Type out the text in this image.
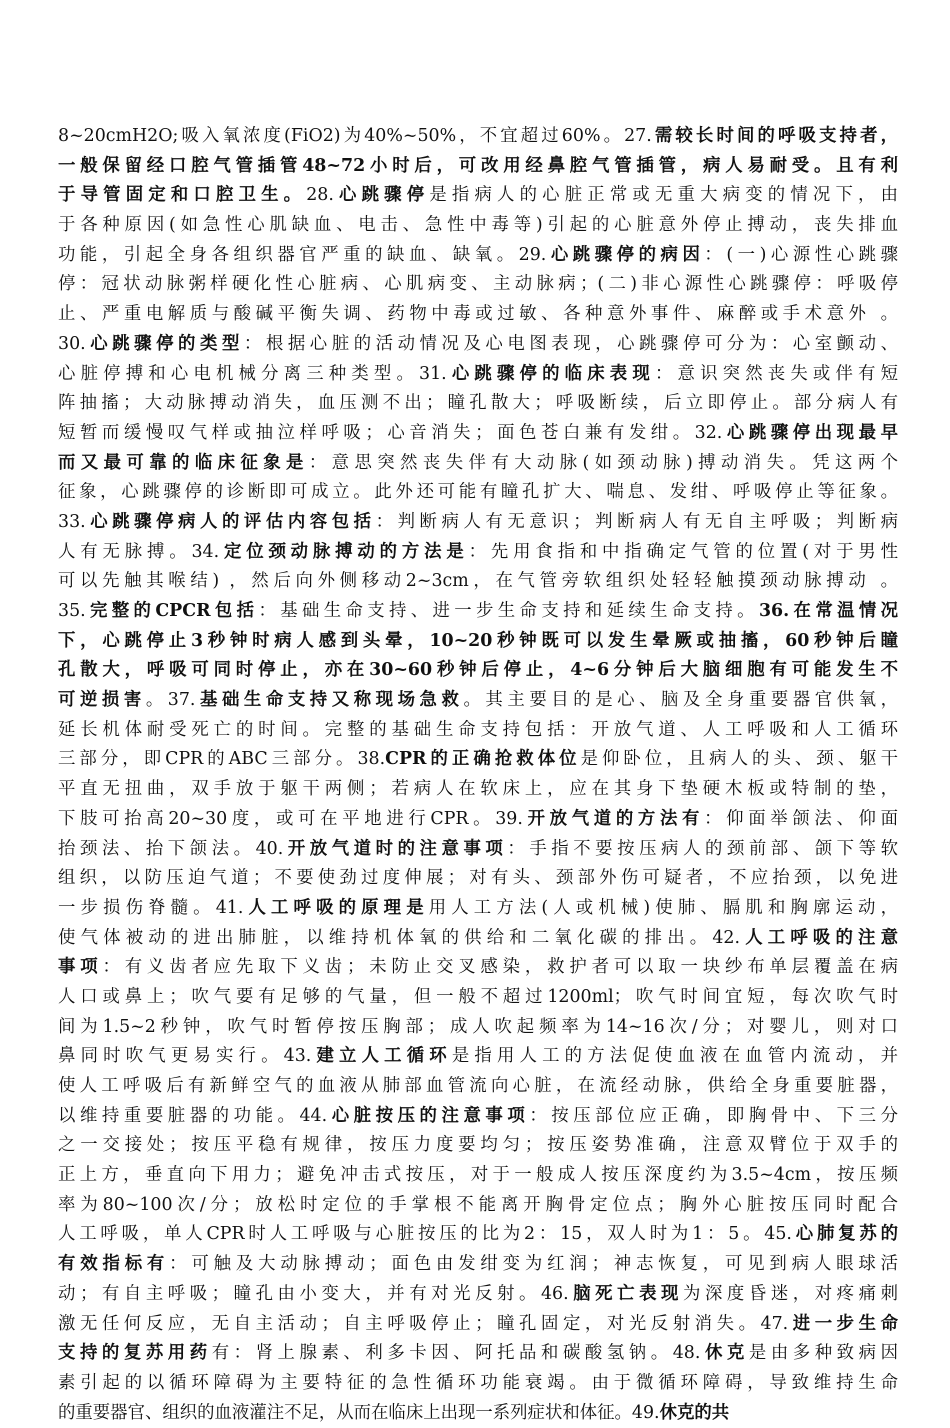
8~20cmH2O;吸入氧浓度(FiO2)为40%~50%，不宜超过60%。27.需较长时间的呼吸支持者，
一般保留经口腔气管插管48~72小时后，可改用经鼻腔气管插管，病人易耐受。且有利
于导管固定和口腔卫生。28.心跳骤停是指病人的心脏正常或无重大病变的情况下，由
于各种原因(如急性心肌缺血、电击、急性中毒等)引起的心脏意外停止搏动，丧失排血
功能，引起全身各组织器官严重的缺血、缺氧。29.心跳骤停的病因：(一)心源性心跳骤
停：冠状动脉粥样硬化性心脏病、心肌病变、主动脉病；(二)非心源性心跳骤停：呼吸停
止、严重电解质与酸碱平衡失调、药物中毒或过敏、各种意外事件、麻醉或手术意外 。
30.心跳骤停的类型：根据心脏的活动情况及心电图表现，心跳骤停可分为：心室颤动、
心脏停搏和心电机械分离三种类型。31.心跳骤停的临床表现：意识突然丧失或伴有短
阵抽搐；大动脉搏动消失，血压测不出；瞳孔散大；呼吸断续，后立即停止。部分病人有
短暂而缓慢叹气样或抽泣样呼吸；心音消失；面色苍白兼有发绀。32.心跳骤停出现最早
而又最可靠的临床征象是：意思突然丧失伴有大动脉(如颈动脉)搏动消失。凭这两个
征象，心跳骤停的诊断即可成立。此外还可能有瞳孔扩大、喘息、发绀、呼吸停止等征象。
33.心跳骤停病人的评估内容包括：判断病人有无意识；判断病人有无自主呼吸；判断病
人有无脉搏。34.定位颈动脉搏动的方法是：先用食指和中指确定气管的位置(对于男性
可以先触其喉结) ，然后向外侧移动2~3cm，在气管旁软组织处轻轻触摸颈动脉搏动 。
35.完整的CPCR包括：基础生命支持、进一步生命支持和延续生命支持。36.在常温情况
下，心跳停止3秒钟时病人感到头晕，10~20秒钟既可以发生晕厥或抽搐，60秒钟后瞳
孔散大，呼吸可同时停止，亦在30~60秒钟后停止，4~6分钟后大脑细胞有可能发生不
可逆损害。37.基础生命支持又称现场急救。其主要目的是心、脑及全身重要器官供氧，
延长机体耐受死亡的时间。完整的基础生命支持包括：开放气道、人工呼吸和人工循环
三部分，即CPR的ABC三部分。38.CPR的正确抢救体位是仰卧位，且病人的头、颈、躯干
平直无扭曲，双手放于躯干两侧；若病人在软床上，应在其身下垫硬木板或特制的垫，
下肢可抬高20~30度，或可在平地进行CPR。39.开放气道的方法有：仰面举颌法、仰面
抬颈法、抬下颌法。40.开放气道时的注意事项：手指不要按压病人的颈前部、颌下等软
组织，以防压迫气道；不要使劲过度伸展；对有头、颈部外伤可疑者，不应抬颈，以免进
一步损伤脊髓。41.人工呼吸的原理是用人工方法(人或机械)使肺、膈肌和胸廓运动，
使气体被动的进出肺脏，以维持机体氧的供给和二氧化碳的排出。42.人工呼吸的注意
事项：有义齿者应先取下义齿；未防止交叉感染，救护者可以取一块纱布单层覆盖在病
人口或鼻上；吹气要有足够的气量，但一般不超过1200ml；吹气时间宜短，每次吹气时
间为1.5~2秒钟，吹气时暂停按压胸部；成人吹起频率为14~16次/分；对婴儿，则对口
鼻同时吹气更易实行。43.建立人工循环是指用人工的方法促使血液在血管内流动，并
使人工呼吸后有新鲜空气的血液从肺部血管流向心脏，在流经动脉，供给全身重要脏器，
以维持重要脏器的功能。44.心脏按压的注意事项：按压部位应正确，即胸骨中、下三分
之一交接处；按压平稳有规律，按压力度要均匀；按压姿势准确，注意双臂位于双手的
正上方，垂直向下用力；避免冲击式按压，对于一般成人按压深度约为3.5~4cm，按压频
率为80~100次/分；放松时定位的手掌根不能离开胸骨定位点；胸外心脏按压同时配合
人工呼吸，单人CPR时人工呼吸与心脏按压的比为2：15，双人时为1：5。45.心肺复苏的
有效指标有：可触及大动脉搏动；面色由发绀变为红润；神志恢复，可见到病人眼球活
动；有自主呼吸；瞳孔由小变大，并有对光反射。46.脑死亡表现为深度昏迷，对疼痛刺
激无任何反应，无自主活动；自主呼吸停止；瞳孔固定，对光反射消失。47.进一步生命
支持的复苏用药有：肾上腺素、利多卡因、阿托品和碳酸氢钠。48.休克是由多种致病因
素引起的以循环障碍为主要特征的急性循环功能衰竭。由于微循环障碍，导致维持生命
的重要器官、组织的血液灌注不足，从而在临床上出现一系列症状和体征。49.休克的共
